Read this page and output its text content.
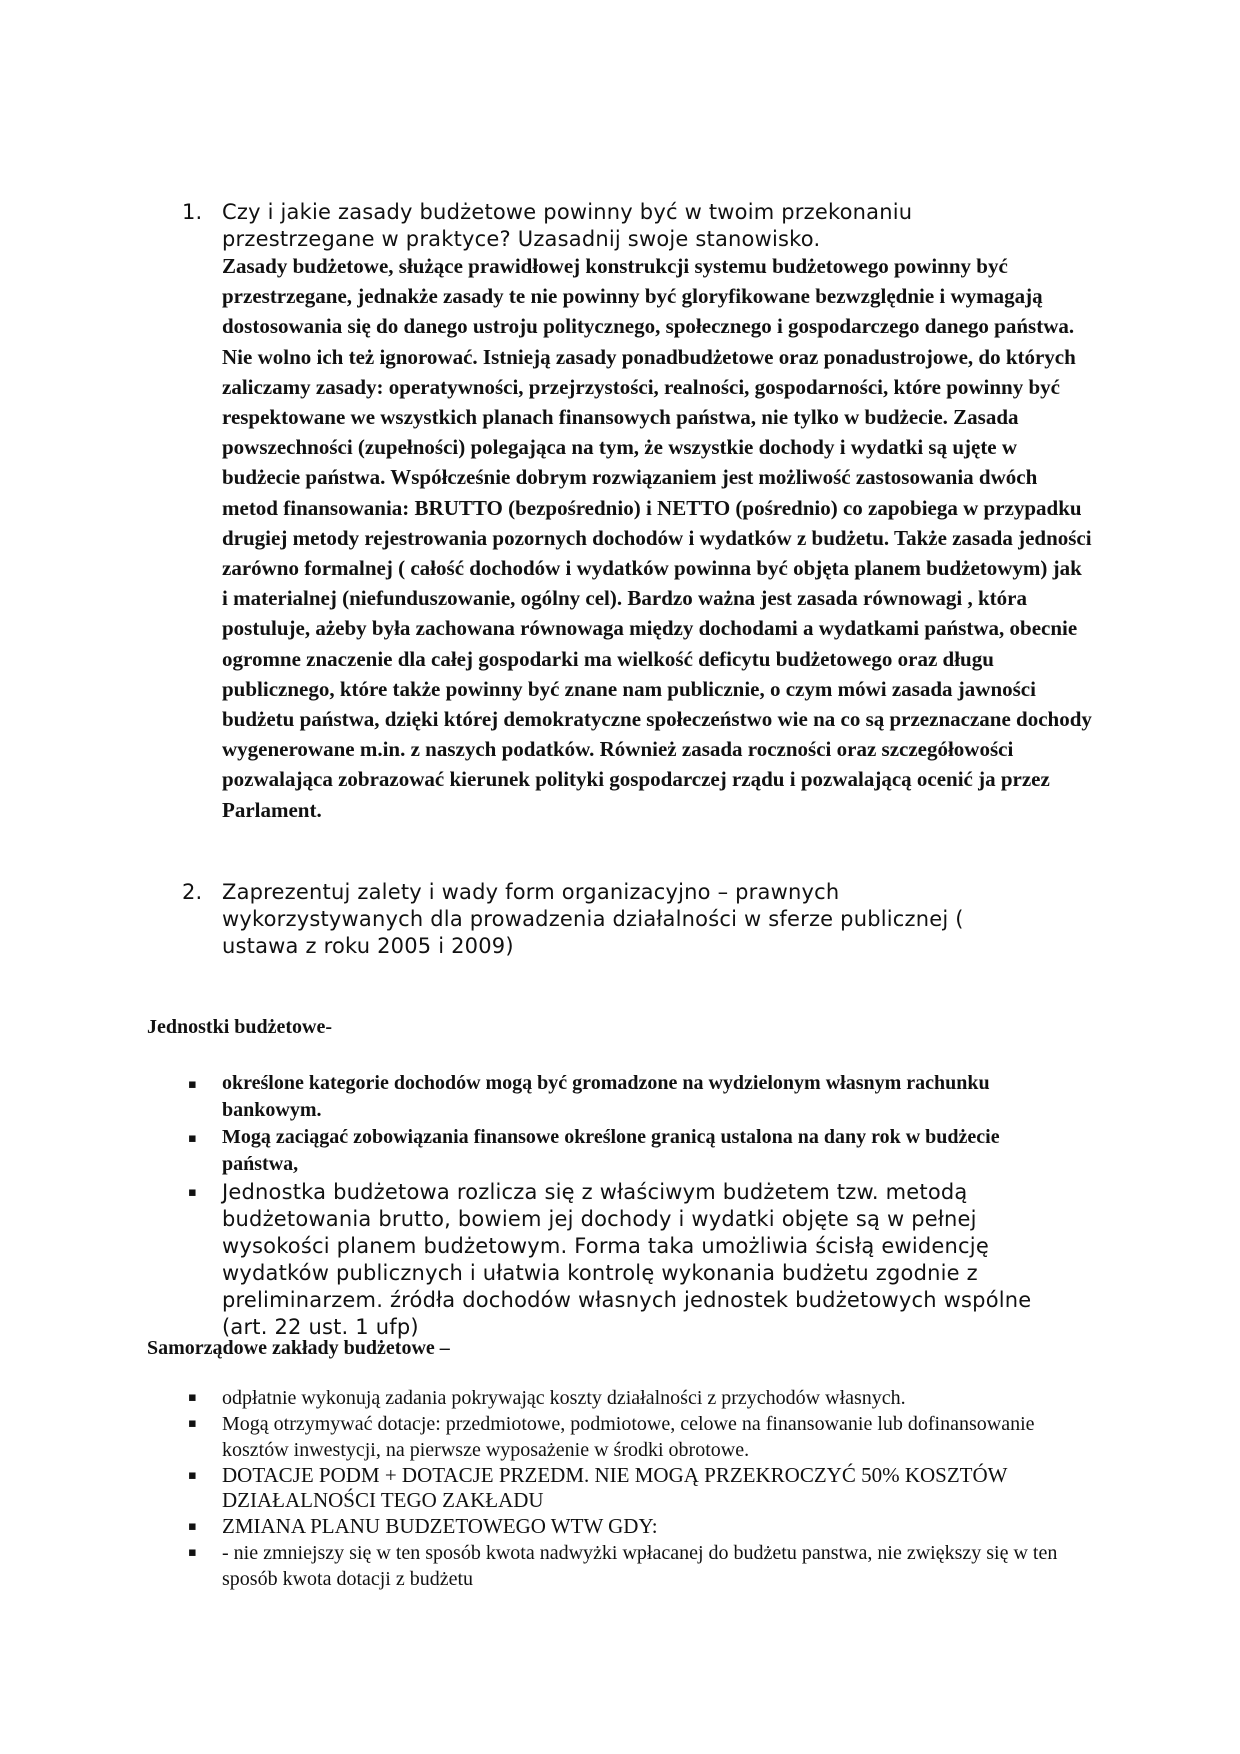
1. Czy i jakie zasady budżetowe powinny być w twoim przekonaniu przestrzegane w praktyce? Uzasadnij swoje stanowisko.
Zasady budżetowe, służące prawidłowej konstrukcji systemu budżetowego powinny być przestrzegane, jednakże zasady te nie powinny być gloryfikowane bezwzględnie i wymagają dostosowania się do danego ustroju politycznego, społecznego i gospodarczego danego państwa. Nie wolno ich też ignorować. Istnieją zasady ponadbudżetowe oraz ponadustrojowe, do których zaliczamy zasady: operatywności, przejrzystości, realności, gospodarności, które powinny być respektowane we wszystkich planach finansowych państwa, nie tylko w budżecie. Zasada powszechności (zupełności) polegająca na tym, że wszystkie dochody i wydatki są ujęte w budżecie państwa. Współcześnie dobrym rozwiązaniem jest możliwość zastosowania dwóch metod finansowania: BRUTTO (bezpośrednio) i NETTO (pośrednio) co zapobiega w przypadku drugiej metody rejestrowania pozornych dochodów i wydatków z budżetu. Także zasada jedności zarówno formalnej ( całość dochodów i wydatków powinna być objęta planem budżetowym) jak i materialnej (niefunduszowanie, ogólny cel). Bardzo ważna jest zasada równowagi , która postuluje, ażeby była zachowana równowaga między dochodami a wydatkami państwa, obecnie ogromne znaczenie dla całej gospodarki ma wielkość deficytu budżetowego oraz długu publicznego, które także powinny być znane nam publicznie, o czym mówi zasada jawności budżetu państwa, dzięki której demokratyczne społeczeństwo wie na co są przeznaczane dochody wygenerowane m.in. z naszych podatków. Również zasada roczności oraz szczegółowości pozwalająca zobrazować kierunek polityki gospodarczej rządu i pozwalającą ocenić ja przez Parlament.
2. Zaprezentuj zalety i wady form organizacyjno – prawnych wykorzystywanych dla prowadzenia działalności w sferze publicznej ( ustawa z roku 2005 i 2009)
Jednostki budżetowe-
▪ określone kategorie dochodów mogą być gromadzone na wydzielonym własnym rachunku bankowym.
▪ Mogą zaciągać zobowiązania finansowe określone granicą ustalona na dany rok w budżecie państwa,
▪ Jednostka budżetowa rozlicza się z właściwym budżetem tzw. metodą budżetowania brutto, bowiem jej dochody i wydatki objęte są w pełnej wysokości planem budżetowym. Forma taka umożliwia ścisłą ewidencję wydatków publicznych i ułatwia kontrolę wykonania budżetu zgodnie z preliminarzem. źródła dochodów własnych jednostek budżetowych wspólne (art. 22 ust. 1 ufp)
Samorządowe zakłady budżetowe –
▪ odpłatnie wykonują zadania pokrywając koszty działalności z przychodów własnych.
▪ Mogą otrzymywać dotacje: przedmiotowe, podmiotowe, celowe na finansowanie lub dofinansowanie kosztów inwestycji, na pierwsze wyposażenie w środki obrotowe.
▪ DOTACJE PODM + DOTACJE PRZEDM. NIE MOGĄ PRZEKROCZYĆ 50% KOSZTÓW DZIAŁALNOŚCI TEGO ZAKŁADU
▪ ZMIANA PLANU BUDZETOWEGO WTW GDY:
▪ - nie zmniejszy się w ten sposób kwota nadwyżki wpłacanej do budżetu panstwa, nie zwiększy się w ten sposób kwota dotacji z budżetu
